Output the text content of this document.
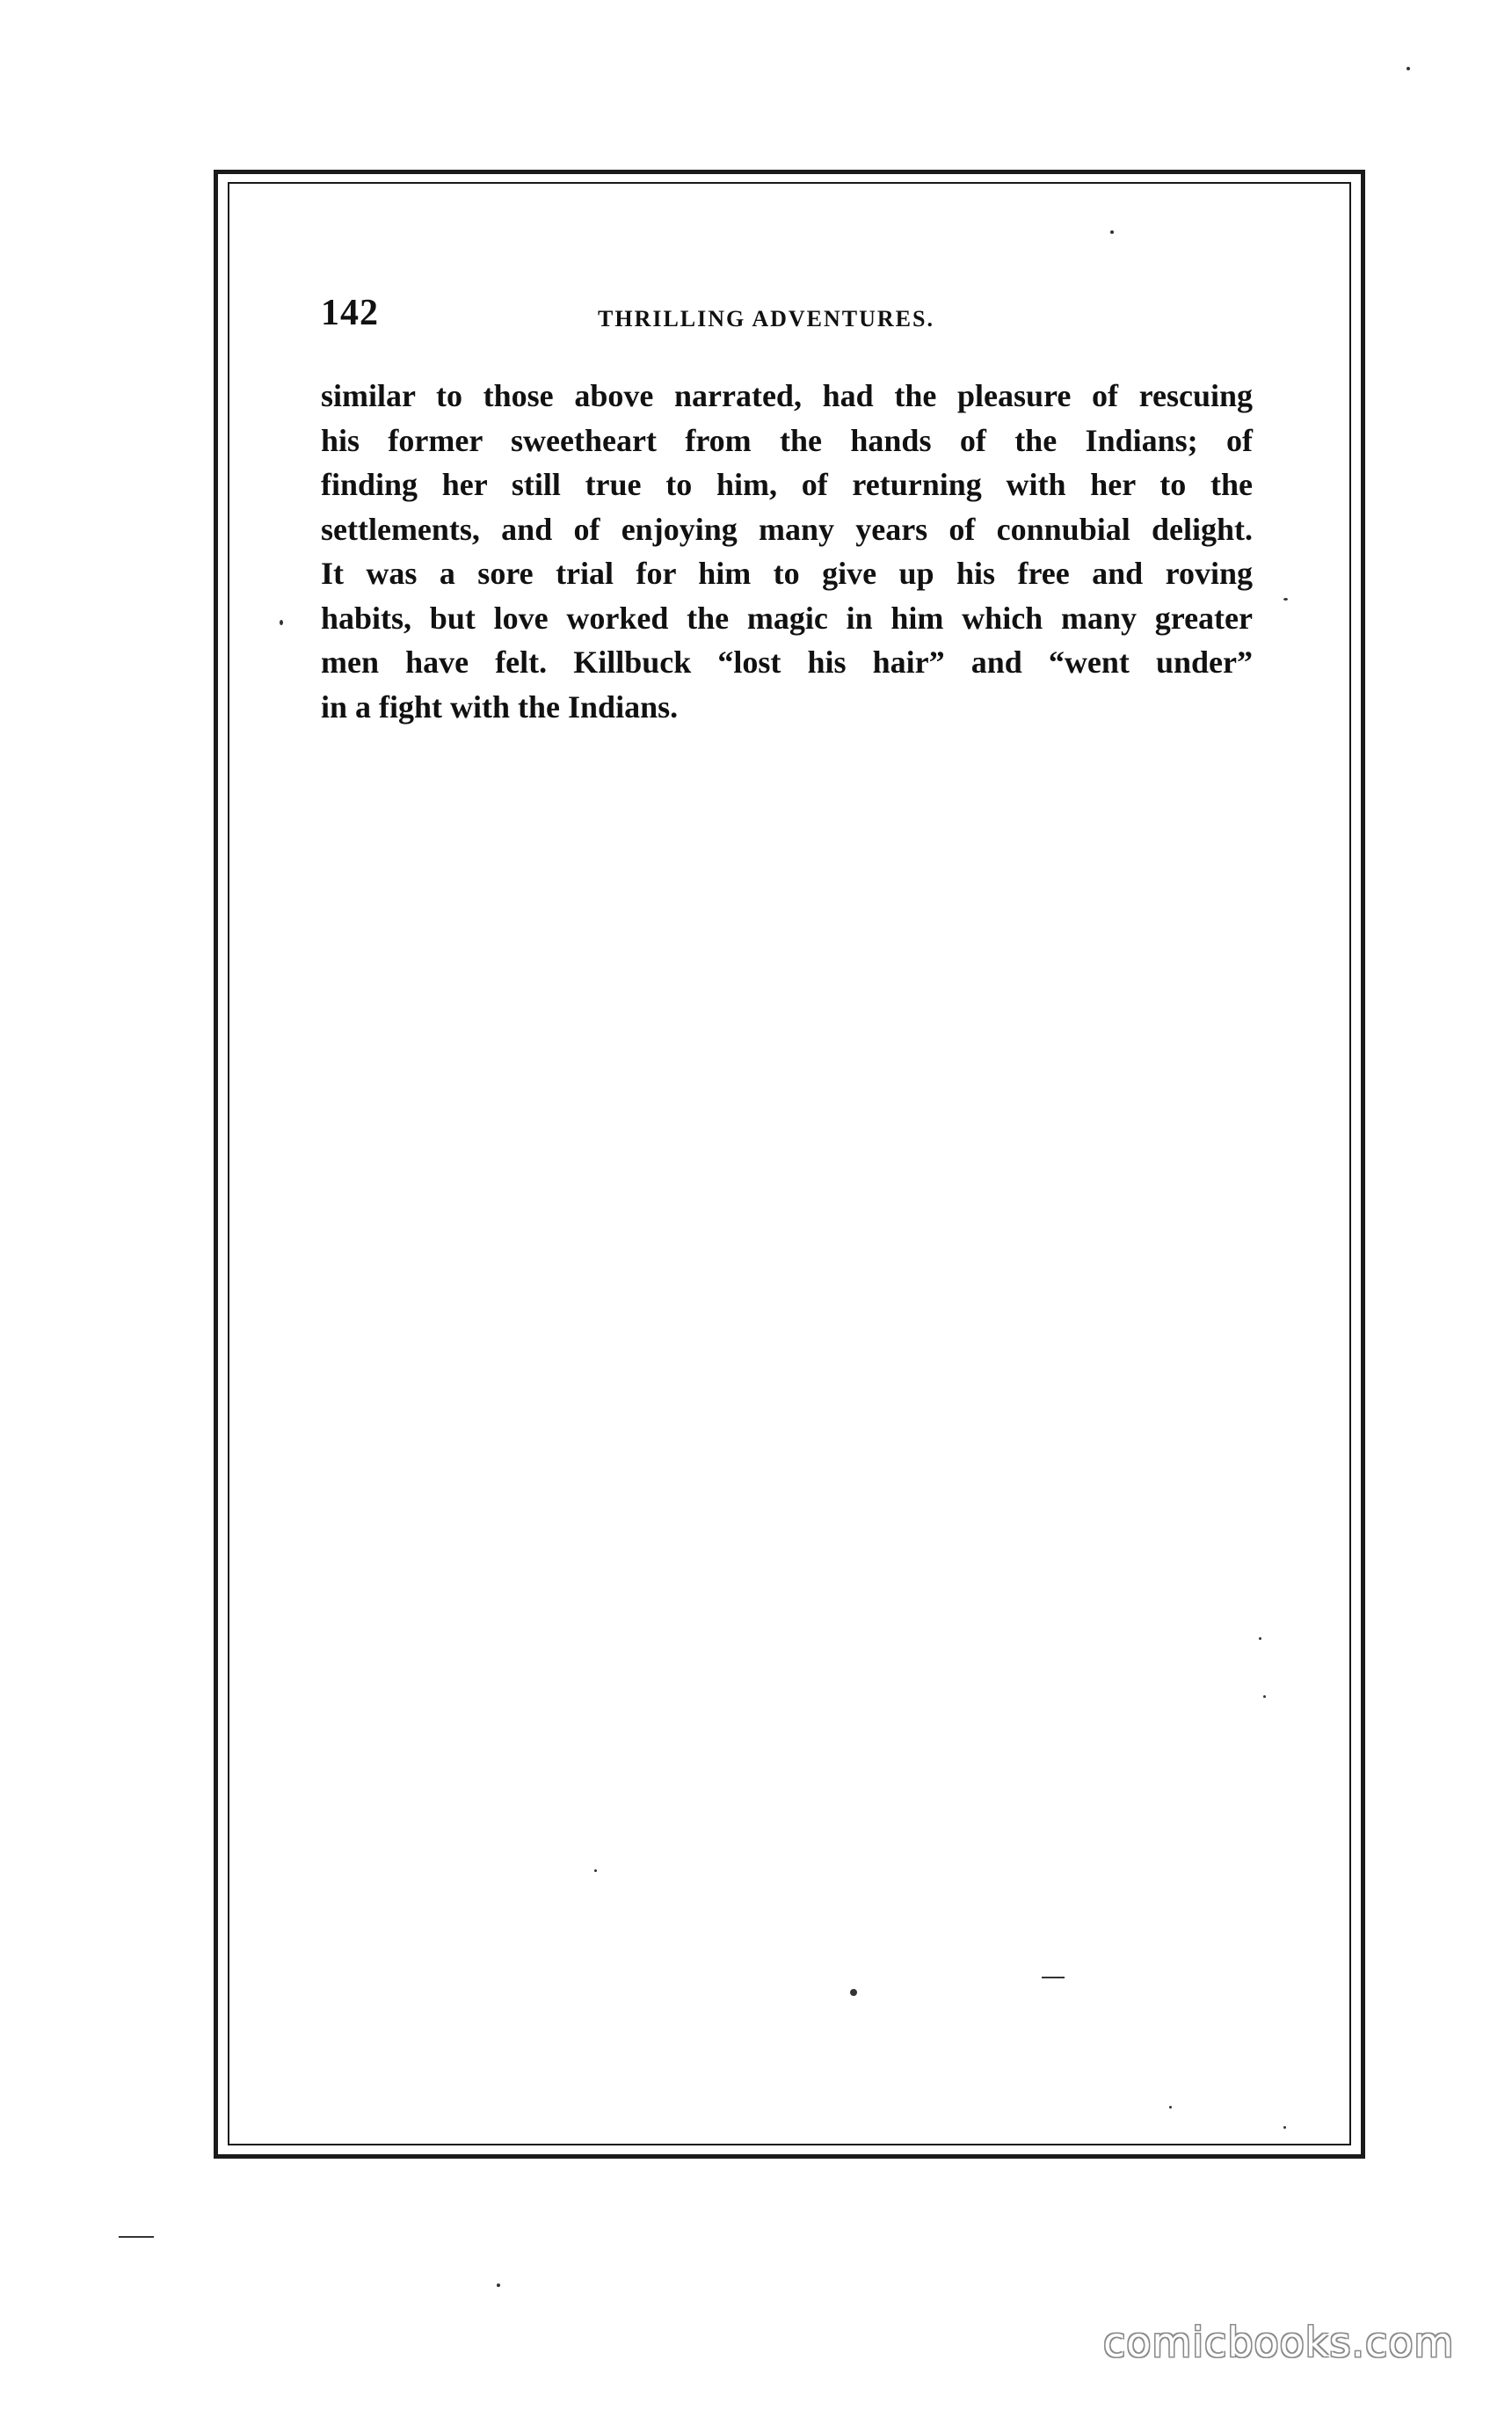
142	THRILLING ADVENTURES.
similar to those above narrated, had the pleasure of rescuing
his former sweetheart from the hands of the Indians; of
finding her still true to him, of returning with her to the
settlements, and of enjoying many years of connubial delight.
It was a sore trial for him to give up his free and roving
habits, but love worked the magic in him which many greater
men have felt. Killbuck “lost his hair” and “went under”
in a fight with the Indians.
comicbooks.com
